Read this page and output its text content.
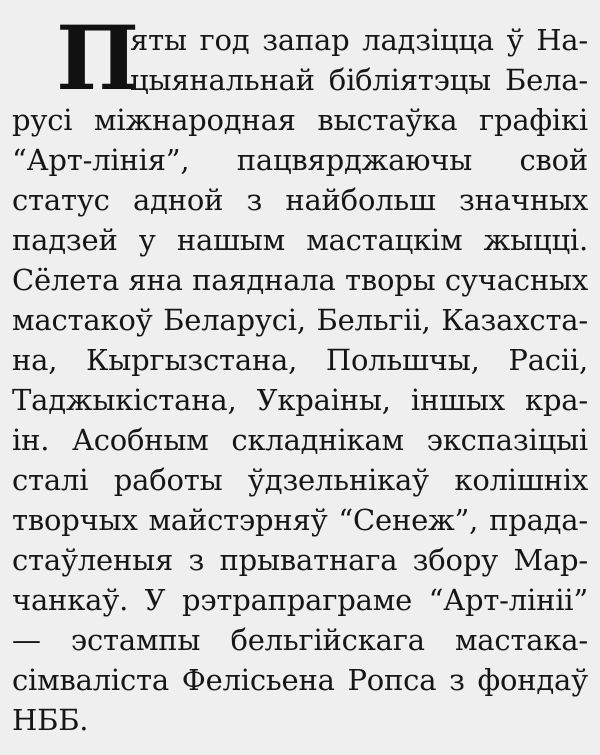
П
яты год запар ладзіцца ў На-
цыянальнай бібліятэцы Бела-
русі міжнародная выстаўка графікі
“Арт-лінія”, пацвярджаючы свой
статус адной з найбольш значных
падзей у нашым мастацкім жыцці.
Сёлета яна паяднала творы сучасных
мастакоў Беларусі, Бельгіі, Казахста-
на, Кыргызстана, Польшчы, Расіі,
Таджыкістана, Украіны, іншых кра-
ін. Асобным складнікам экспазіцыі
сталі работы ўдзельнікаў колішніх
творчых майстэрняў “Сенеж”, прада-
стаўленыя з прыватнага збору Мар-
чанкаў. У рэтрапраграме “Арт-лініі”
— эстампы бельгійскага мастака-
сімваліста Фелісьена Ропса з фондаў
НББ.
